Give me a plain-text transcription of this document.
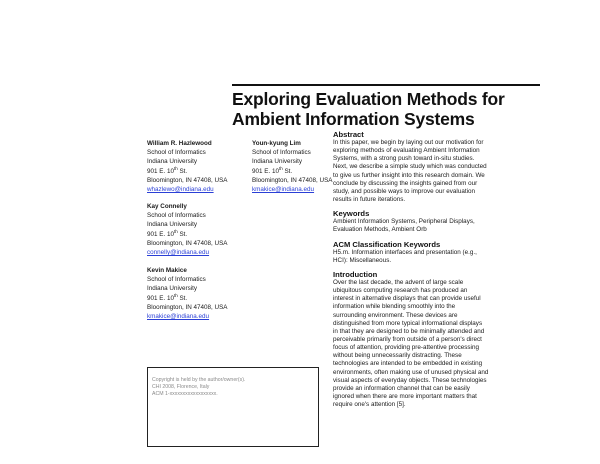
Exploring Evaluation Methods for
Ambient Information Systems
William R. Hazlewood
School of Informatics
Indiana University
901 E. 10th St.
Bloomington, IN 47408, USA
whazlewo@indiana.edu
Youn-kyung Lim
School of Informatics
Indiana University
901 E. 10th St.
Bloomington, IN 47408, USA
kmakice@indiana.edu
Kay Connelly
School of Informatics
Indiana University
901 E. 10th St.
Bloomington, IN 47408, USA
connelly@indiana.edu
Kevin Makice
School of Informatics
Indiana University
901 E. 10th St.
Bloomington, IN 47408, USA
kmakice@indiana.edu
Copyright is held by the author/owner(s).
CHI 2008, Florence, Italy
ACM 1-xxxxxxxxxxxxxxxxxx.
Abstract
In this paper, we begin by laying out our motivation for
exploring methods of evaluating Ambient Information
Systems, with a strong push toward in-situ studies.
Next, we describe a simple study which was conducted
to give us further insight into this research domain. We
conclude by discussing the insights gained from our
study, and possible ways to improve our evaluation
results in future iterations.
Keywords
Ambient Information Systems, Peripheral Displays,
Evaluation Methods, Ambient Orb
ACM Classification Keywords
H5.m. Information interfaces and presentation (e.g.,
HCI): Miscellaneous.
Introduction
Over the last decade, the advent of large scale
ubiquitous computing research has produced an
interest in alternative displays that can provide useful
information while blending smoothly into the
surrounding environment. These devices are
distinguished from more typical informational displays
in that they are designed to be minimally attended and
perceivable primarily from outside of a person's direct
focus of attention, providing pre-attentive processing
without being unnecessarily distracting. These
technologies are intended to be embedded in existing
environments, often making use of unused physical and
visual aspects of everyday objects. These technologies
provide an information channel that can be easily
ignored when there are more important matters that
require one's attention [5].
